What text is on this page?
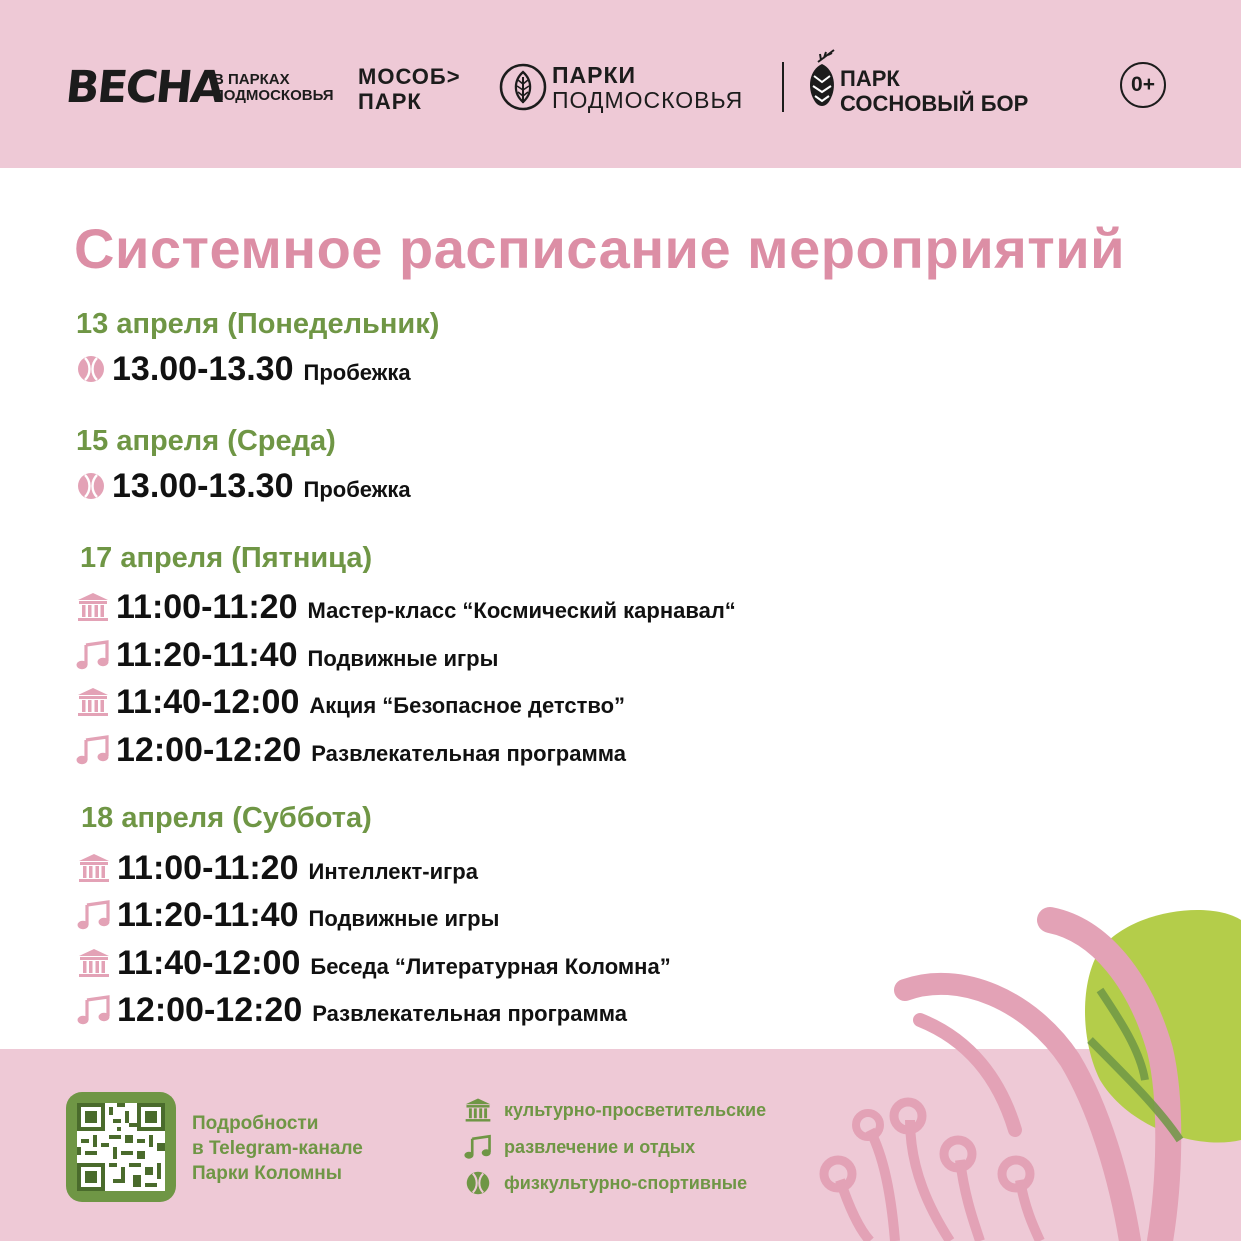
ВЕСНА
В ПАРКАХ
ПОДМОСКОВЬЯ
МОСОБ>
ПАРК
ПАРКИ
ПОДМОСКОВЬЯ
ПАРК
СОСНОВЫЙ БОР
0+
Системное расписание мероприятий
13 апреля (Понедельник)
13.00-13.30 Пробежка
15 апреля (Среда)
13.00-13.30 Пробежка
17 апреля (Пятница)
11:00-11:20 Мастер-класс “Космический карнавал“
11:20-11:40 Подвижные игры
11:40-12:00 Акция “Безопасное детство”
12:00-12:20 Развлекательная программа
18 апреля (Суббота)
11:00-11:20 Интеллект-игра
11:20-11:40 Подвижные игры
11:40-12:00 Беседа “Литературная Коломна”
12:00-12:20 Развлекательная программа
Подробности
в Telegram-канале
Парки Коломны
культурно-просветительские
развлечение и отдых
физкультурно-спортивные
